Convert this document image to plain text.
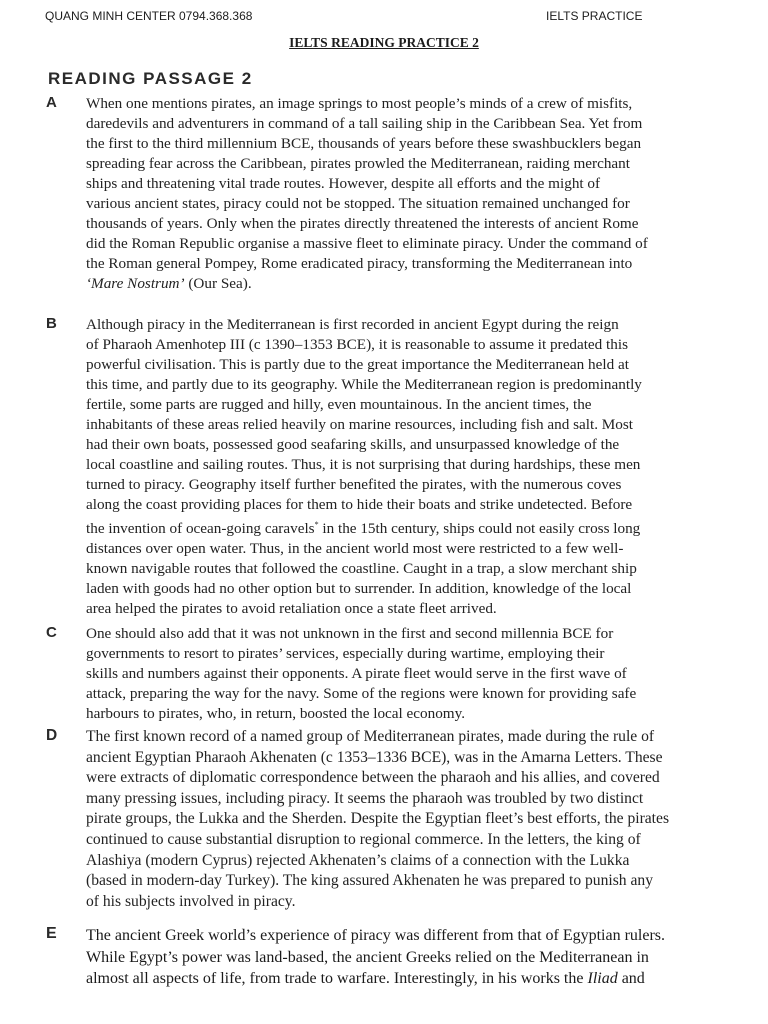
QUANG MINH CENTER 0794.368.368	IELTS PRACTICE
IELTS READING PRACTICE 2
READING PASSAGE 2
A When one mentions pirates, an image springs to most people’s minds of a crew of misfits,
daredevils and adventurers in command of a tall sailing ship in the Caribbean Sea. Yet from
the first to the third millennium BCE, thousands of years before these swashbucklers began
spreading fear across the Caribbean, pirates prowled the Mediterranean, raiding merchant
ships and threatening vital trade routes. However, despite all efforts and the might of
various ancient states, piracy could not be stopped. The situation remained unchanged for
thousands of years. Only when the pirates directly threatened the interests of ancient Rome
did the Roman Republic organise a massive fleet to eliminate piracy. Under the command of
the Roman general Pompey, Rome eradicated piracy, transforming the Mediterranean into
‘Mare Nostrum’ (Our Sea).
B Although piracy in the Mediterranean is first recorded in ancient Egypt during the reign
of Pharaoh Amenhotep III (c 1390–1353 BCE), it is reasonable to assume it predated this
powerful civilisation. This is partly due to the great importance the Mediterranean held at
this time, and partly due to its geography. While the Mediterranean region is predominantly
fertile, some parts are rugged and hilly, even mountainous. In the ancient times, the
inhabitants of these areas relied heavily on marine resources, including fish and salt. Most
had their own boats, possessed good seafaring skills, and unsurpassed knowledge of the
local coastline and sailing routes. Thus, it is not surprising that during hardships, these men
turned to piracy. Geography itself further benefited the pirates, with the numerous coves
along the coast providing places for them to hide their boats and strike undetected. Before
the invention of ocean-going caravels* in the 15th century, ships could not easily cross long
distances over open water. Thus, in the ancient world most were restricted to a few well-
known navigable routes that followed the coastline. Caught in a trap, a slow merchant ship
laden with goods had no other option but to surrender. In addition, knowledge of the local
area helped the pirates to avoid retaliation once a state fleet arrived.
C One should also add that it was not unknown in the first and second millennia BCE for
governments to resort to pirates’ services, especially during wartime, employing their
skills and numbers against their opponents. A pirate fleet would serve in the first wave of
attack, preparing the way for the navy. Some of the regions were known for providing safe
harbours to pirates, who, in return, boosted the local economy.
D The first known record of a named group of Mediterranean pirates, made during the rule of
ancient Egyptian Pharaoh Akhenaten (c 1353–1336 BCE), was in the Amarna Letters. These
were extracts of diplomatic correspondence between the pharaoh and his allies, and covered
many pressing issues, including piracy. It seems the pharaoh was troubled by two distinct
pirate groups, the Lukka and the Sherden. Despite the Egyptian fleet’s best efforts, the pirates
continued to cause substantial disruption to regional commerce. In the letters, the king of
Alashiya (modern Cyprus) rejected Akhenaten’s claims of a connection with the Lukka
(based in modern-day Turkey). The king assured Akhenaten he was prepared to punish any
of his subjects involved in piracy.
E The ancient Greek world’s experience of piracy was different from that of Egyptian rulers.
While Egypt’s power was land-based, the ancient Greeks relied on the Mediterranean in
almost all aspects of life, from trade to warfare. Interestingly, in his works the Iliad and
